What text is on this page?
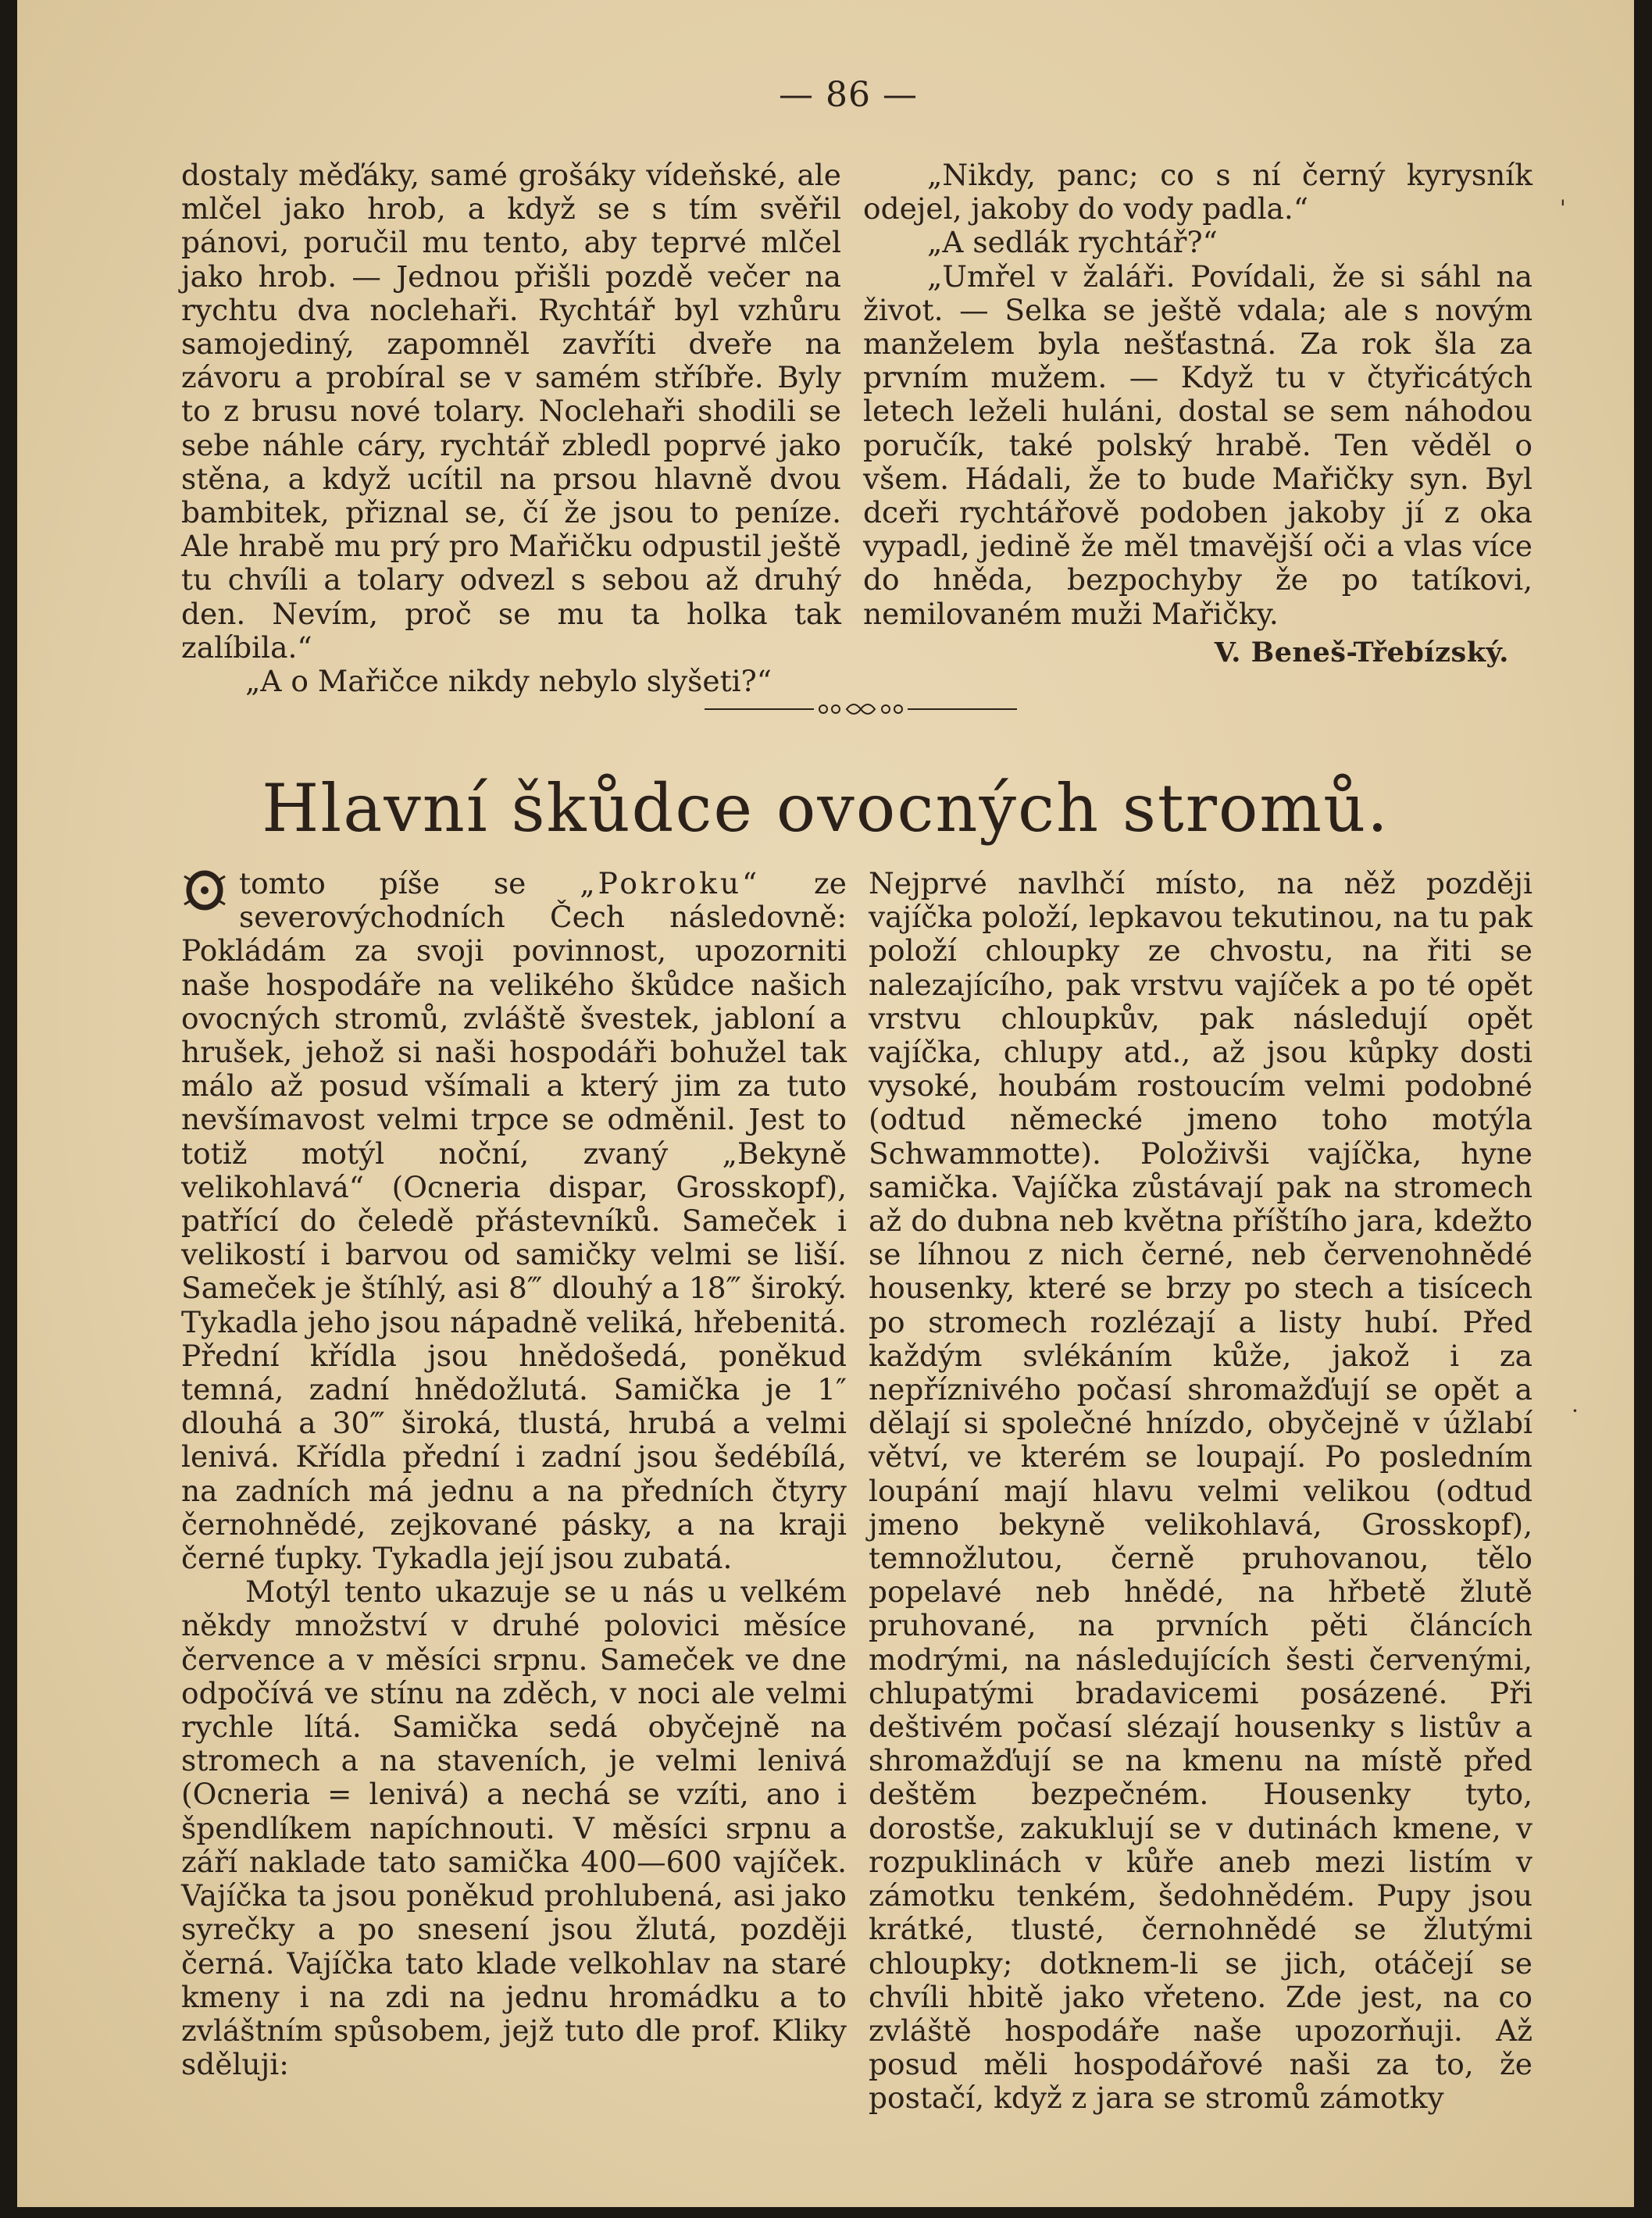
— 86 —

dostaly měďáky, samé grošáky vídeňské, ale mlčel jako hrob, a když se s tím svěřil pánovi, poručil mu tento, aby teprvé mlčel jako hrob. — Jednou přišli pozdě večer na rychtu dva noclehaři. Rychtář byl vzhůru samojediný, zapomněl zavříti dveře na závoru a probíral se v samém stříbře. Byly to z brusu nové tolary. Noclehaři shodili se sebe náhle cáry, rychtář zbledl poprvé jako stěna, a když ucítil na prsou hlavně dvou bambitek, přiznal se, čí že jsou to peníze. Ale hrabě mu prý pro Mařičku odpustil ještě tu chvíli a tolary odvezl s sebou až druhý den. Nevím, proč se mu ta holka tak zalíbila.“

„A o Mařičce nikdy nebylo slyšeti?“

„Nikdy, panc; co s ní černý kyrysník odejel, jakoby do vody padla.“

„A sedlák rychtář?“

„Umřel v žaláři. Povídali, že si sáhl na život. — Selka se ještě vdala; ale s novým manželem byla nešťastná. Za rok šla za prvním mužem. — Když tu v čtyřicátých letech leželi huláni, dostal se sem náhodou poručík, také polský hrabě. Ten věděl o všem. Hádali, že to bude Mařičky syn. Byl dceři rychtářově podoben jakoby jí z oka vypadl, jedině že měl tmavější oči a vlas více do hněda, bezpochyby že po tatíkovi, nemilovaném muži Mařičky.

V. Beneš-Třebízský.
Hlavní škůdce ovocných stromů.

tomto píše se „Pokroku“ ze severovýchodních Čech následovně: Pokládám za svoji povinnost, upozorniti naše hospodáře na velikého škůdce našich ovocných stromů, zvláště švestek, jabloní a hrušek, jehož si naši hospodáři bohužel tak málo až posud všímali a který jim za tuto nevšímavost velmi trpce se odměnil. Jest to totiž motýl noční, zvaný „Bekyně velikohlavá“ (Ocneria dispar, Grosskopf), patřící do čeledě přástevníků. Sameček i velikostí i barvou od samičky velmi se liší. Sameček je štíhlý, asi 8‴ dlouhý a 18‴ široký. Tykadla jeho jsou nápadně veliká, hřebenitá. Přední křídla jsou hnědošedá, poněkud temná, zadní hnědožlutá. Samička je 1″ dlouhá a 30‴ široká, tlustá, hrubá a velmi lenivá. Křídla přední i zadní jsou šedébílá, na zadních má jednu a na předních čtyry černohnědé, zejkované pásky, a na kraji černé ťupky. Tykadla její jsou zubatá.

Motýl tento ukazuje se u nás u velkém někdy množství v druhé polovici měsíce července a v měsíci srpnu. Sameček ve dne odpočívá ve stínu na zděch, v noci ale velmi rychle lítá. Samička sedá obyčejně na stromech a na staveních, je velmi lenivá (Ocneria = lenivá) a nechá se vzíti, ano i špendlíkem napíchnouti. V měsíci srpnu a září naklade tato samička 400—600 vajíček. Vajíčka ta jsou poněkud prohlubená, asi jako syrečky a po snesení jsou žlutá, později černá. Vajíčka tato klade velkohlav na staré kmeny i na zdi na jednu hromádku a to zvláštním spůsobem, jejž tuto dle prof. Kliky sděluji:

Nejprvé navlhčí místo, na něž později vajíčka položí, lepkavou tekutinou, na tu pak položí chloupky ze chvostu, na řiti se nalezajícího, pak vrstvu vajíček a po té opět vrstvu chloupkův, pak následují opět vajíčka, chlupy atd., až jsou kůpky dosti vysoké, houbám rostoucím velmi podobné (odtud německé jmeno toho motýla Schwammotte). Položivši vajíčka, hyne samička. Vajíčka zůstávají pak na stromech až do dubna neb května příštího jara, kdežto se líhnou z nich černé, neb červenohnědé housenky, které se brzy po stech a tisícech po stromech rozlézají a listy hubí. Před každým svlékáním kůže, jakož i za nepříznivého počasí shromažďují se opět a dělají si společné hnízdo, obyčejně v úžlabí větví, ve kterém se loupají. Po posledním loupání mají hlavu velmi velikou (odtud jmeno bekyně velikohlavá, Grosskopf), temnožlutou, černě pruhovanou, tělo popelavé neb hnědé, na hřbetě žlutě pruhované, na prvních pěti článcích modrými, na následujících šesti červenými, chlupatými bradavicemi posázené. Při deštivém počasí slézají housenky s listův a shromažďují se na kmenu na místě před deštěm bezpečném. Housenky tyto, dorostše, zakuklují se v dutinách kmene, v rozpuklinách v kůře aneb mezi listím v zámotku tenkém, šedohnědém. Pupy jsou krátké, tlusté, černohnědé se žlutými chloupky; dotknem-li se jich, otáčejí se chvíli hbitě jako vřeteno. Zde jest, na co zvláště hospodáře naše upozorňuji. Až posud měli hospodářové naši za to, že postačí, když z jara se stromů zámotky

'
·
